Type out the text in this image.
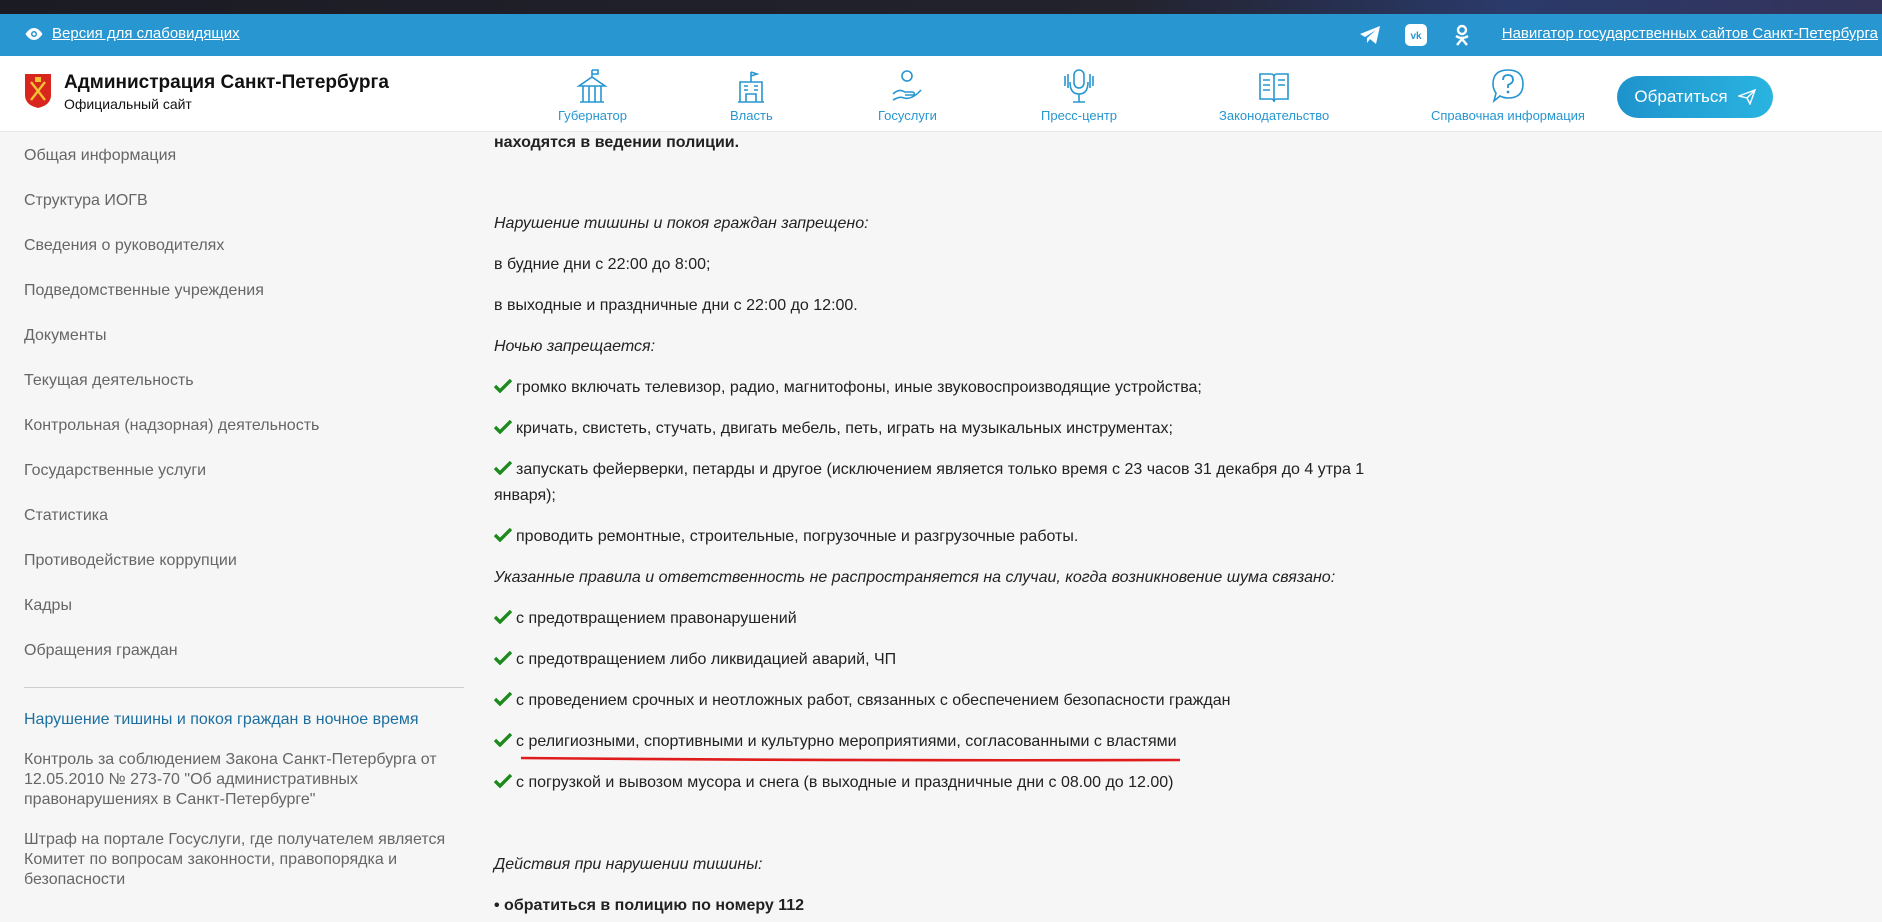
Версия для слабовидящих	vk	Навигатор государственных сайтов Санкт-Петербурга
Администрация Санкт-Петербурга
Официальный сайт
Губернатор	Власть	Госуслуги	Пресс-центр	Законодательство	Справочная информация
Обратиться
Общая информация
Структура ИОГВ
Сведения о руководителях
Подведомственные учреждения
Документы
Текущая деятельность
Контрольная (надзорная) деятельность
Государственные услуги
Статистика
Противодействие коррупции
Кадры
Обращения граждан
Нарушение тишины и покоя граждан в ночное время
Контроль за соблюдением Закона Санкт-Петербурга от 12.05.2010 № 273-70 "Об административных правонарушениях в Санкт-Петербурге"
Штраф на портале Госуслуги, где получателем является Комитет по вопросам законности, правопорядка и безопасности
находятся в ведении полиции.
Нарушение тишины и покоя граждан запрещено:
в будние дни с 22:00 до 8:00;
в выходные и праздничные дни с 22:00 до 12:00.
Ночью запрещается:
громко включать телевизор, радио, магнитофоны, иные звуковоспроизводящие устройства;
кричать, свистеть, стучать, двигать мебель, петь, играть на музыкальных инструментах;
запускать фейерверки, петарды и другое (исключением является только время с 23 часов 31 декабря до 4 утра 1
января);
проводить ремонтные, строительные, погрузочные и разгрузочные работы.
Указанные правила и ответственность не распространяется на случаи, когда возникновение шума связано:
с предотвращением правонарушений
с предотвращением либо ликвидацией аварий, ЧП
с проведением срочных и неотложных работ, связанных с обеспечением безопасности граждан
с религиозными, спортивными и культурно мероприятиями, согласованными с властями
с погрузкой и вывозом мусора и снега (в выходные и праздничные дни с 08.00 до 12.00)
Действия при нарушении тишины:
• обратиться в полицию по номеру 112
